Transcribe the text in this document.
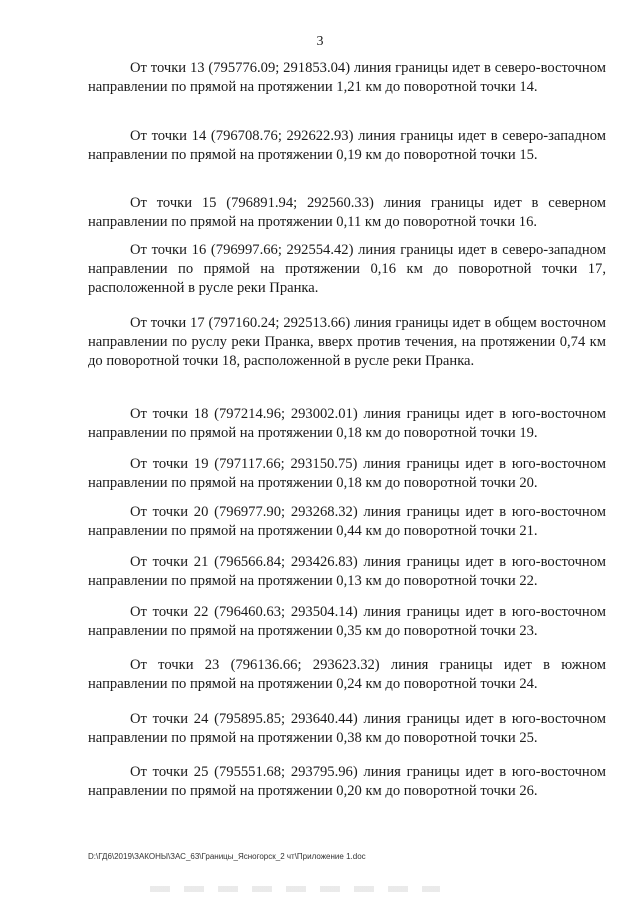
3

От точки 13 (795776.09; 291853.04) линия границы идет в северо-восточном направлении по прямой на протяжении 1,21 км до поворотной точки 14.

От точки 14 (796708.76; 292622.93) линия границы идет в северо-западном направлении по прямой на протяжении 0,19 км до поворотной точки 15.

От точки 15 (796891.94; 292560.33) линия границы идет в северном направлении по прямой на протяжении 0,11 км до поворотной точки 16.

От точки 16 (796997.66; 292554.42) линия границы идет в северо-западном направлении по прямой на протяжении 0,16 км до поворотной точки 17, расположенной в русле реки Пранка.

От точки 17 (797160.24; 292513.66) линия границы идет в общем восточном направлении по руслу реки Пранка, вверх против течения, на протяжении 0,74 км до поворотной точки 18, расположенной в русле реки Пранка.

От точки 18 (797214.96; 293002.01) линия границы идет в юго-восточном направлении по прямой на протяжении 0,18 км до поворотной точки 19.

От точки 19 (797117.66; 293150.75) линия границы идет в юго-восточном направлении по прямой на протяжении 0,18 км до поворотной точки 20.

От точки 20 (796977.90; 293268.32) линия границы идет в юго-восточном направлении по прямой на протяжении 0,44 км до поворотной точки 21.

От точки 21 (796566.84; 293426.83) линия границы идет в юго-восточном направлении по прямой на протяжении 0,13 км до поворотной точки 22.

От точки 22 (796460.63; 293504.14) линия границы идет в юго-восточном направлении по прямой на протяжении 0,35 км до поворотной точки 23.

От точки 23 (796136.66; 293623.32) линия границы идет в южном направлении по прямой на протяжении 0,24 км до поворотной точки 24.

От точки 24 (795895.85; 293640.44) линия границы идет в юго-восточном направлении по прямой на протяжении 0,38 км до поворотной точки 25.

От точки 25 (795551.68; 293795.96) линия границы идет в юго-восточном направлении по прямой на протяжении 0,20 км до поворотной точки 26.

D:\ГД6\2019\ЗАКОНЫ\ЗАС_63\Границы_Ясногорск_2 чт\Приложение 1.doc
